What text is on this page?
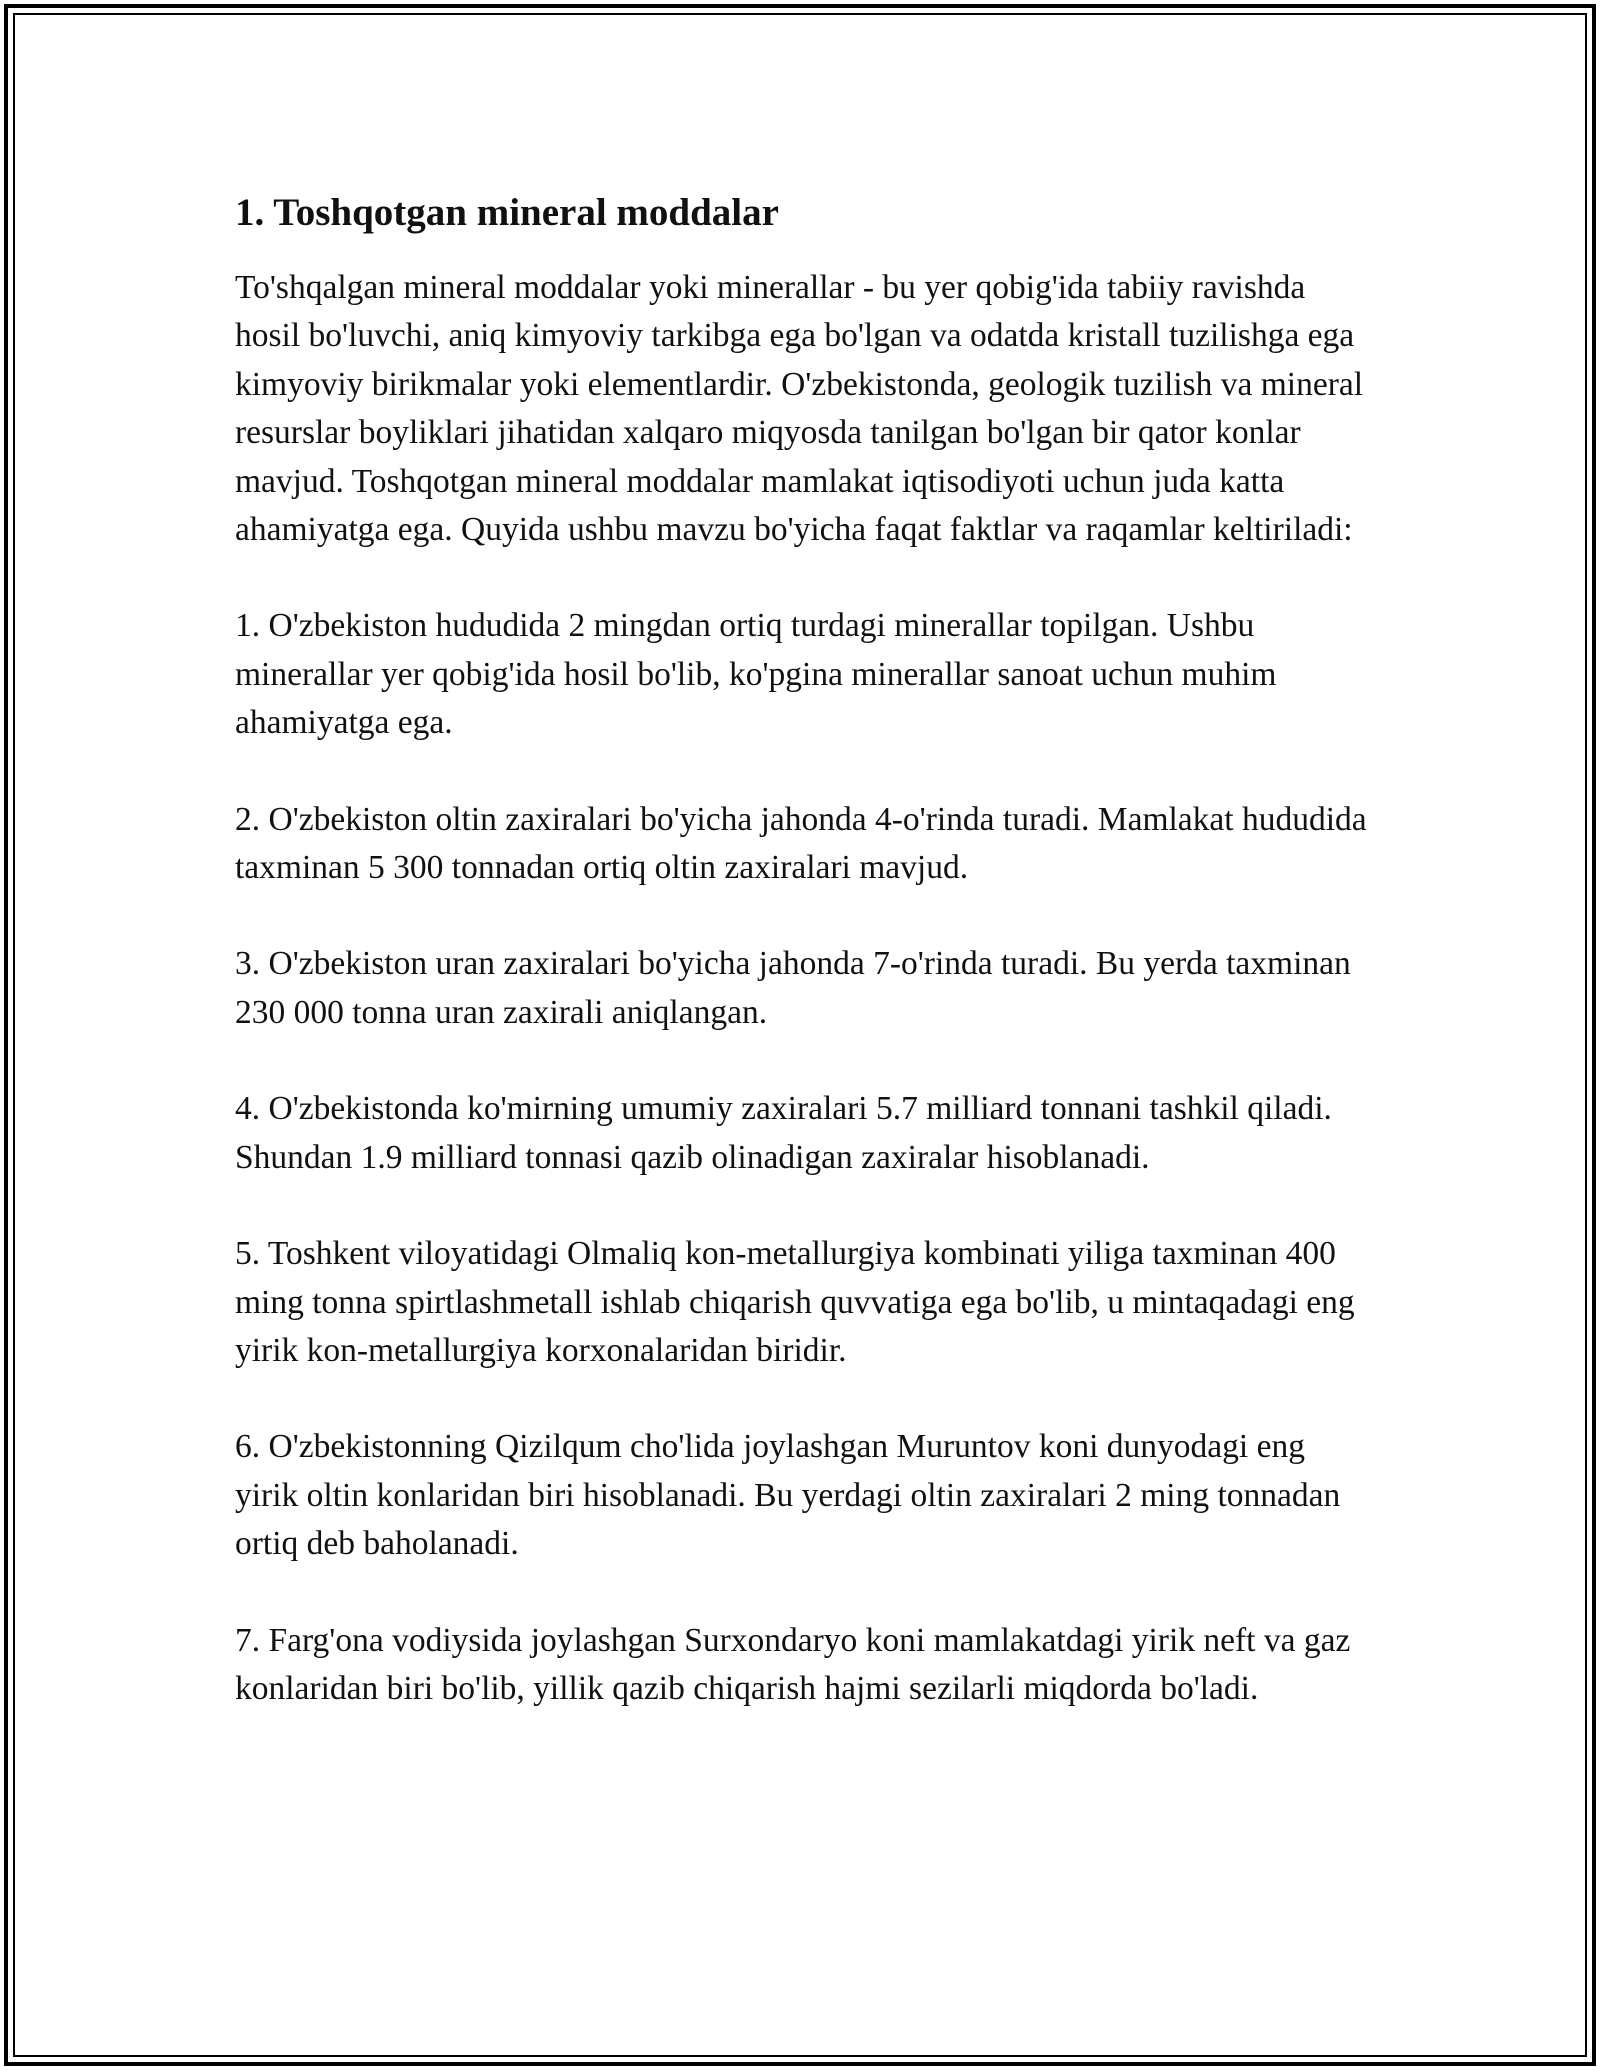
1. Toshqotgan mineral moddalar

To'shqalgan mineral moddalar yoki minerallar - bu yer qobig'ida tabiiy ravishda hosil bo'luvchi, aniq kimyoviy tarkibga ega bo'lgan va odatda kristall tuzilishga ega kimyoviy birikmalar yoki elementlardir. O'zbekistonda, geologik tuzilish va mineral resurslar boyliklari jihatidan xalqaro miqyosda tanilgan bo'lgan bir qator konlar mavjud. Toshqotgan mineral moddalar mamlakat iqtisodiyoti uchun juda katta ahamiyatga ega. Quyida ushbu mavzu bo'yicha faqat faktlar va raqamlar keltiriladi:

1. O'zbekiston hududida 2 mingdan ortiq turdagi minerallar topilgan. Ushbu minerallar yer qobig'ida hosil bo'lib, ko'pgina minerallar sanoat uchun muhim ahamiyatga ega.

2. O'zbekiston oltin zaxiralari bo'yicha jahonda 4-o'rinda turadi. Mamlakat hududida taxminan 5 300 tonnadan ortiq oltin zaxiralari mavjud.

3. O'zbekiston uran zaxiralari bo'yicha jahonda 7-o'rinda turadi. Bu yerda taxminan 230 000 tonna uran zaxirali aniqlangan.

4. O'zbekistonda ko'mirning umumiy zaxiralari 5.7 milliard tonnani tashkil qiladi. Shundan 1.9 milliard tonnasi qazib olinadigan zaxiralar hisoblanadi.

5. Toshkent viloyatidagi Olmaliq kon-metallurgiya kombinati yiliga taxminan 400 ming tonna spirtlashmetall ishlab chiqarish quvvatiga ega bo'lib, u mintaqadagi eng yirik kon-metallurgiya korxonalaridan biridir.

6. O'zbekistonning Qizilqum cho'lida joylashgan Muruntov koni dunyodagi eng yirik oltin konlaridan biri hisoblanadi. Bu yerdagi oltin zaxiralari 2 ming tonnadan ortiq deb baholanadi.

7. Farg'ona vodiysida joylashgan Surxondaryo koni mamlakatdagi yirik neft va gaz konlaridan biri bo'lib, yillik qazib chiqarish hajmi sezilarli miqdorda bo'ladi.
